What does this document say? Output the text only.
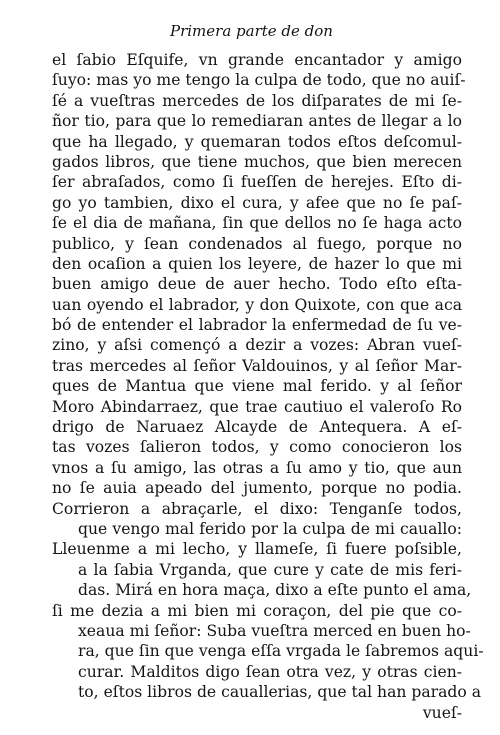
Primera parte de don
el ſabio Eſquife, vn grande encantador y amigo
ſuyo: mas yo me tengo la culpa de todo, que no auiſ-
ſé a vueſtras mercedes de los diſparates de mi ſe-
ñor tio, para que lo remediaran antes de llegar a lo
que ha llegado, y quemaran todos eſtos deſcomul-
gados libros, que tiene muchos, que bien merecen
ſer abraſados, como ſi fueſſen de herejes. Eſto di-
go yo tambien, dixo el cura, y afee que no ſe paſ-
ſe el dia de mañana, ſin que dellos no ſe haga acto
publico, y ſean condenados al fuego, porque no
den ocaſion a quien los leyere, de hazer lo que mi
buen amigo deue de auer hecho. Todo eſto eſta-
uan oyendo el labrador, y don Quixote, con que aca
bó de entender el labrador la enfermedad de ſu ve-
zino, y aſsi començó a dezir a vozes: Abran vueſ-
tras mercedes al ſeñor Valdouinos, y al ſeñor Mar-
ques de Mantua que viene mal ferido. y al ſeñor
Moro Abindarraez, que trae cautiuo el valeroſo Ro
drigo de Naruaez Alcayde de Antequera. A eſ-
tas vozes ſalieron todos, y como conocieron los
vnos a ſu amigo, las otras a ſu amo y tio, que aun
no ſe auia apeado del jumento, porque no podia.
Corrieron a abraçarle, el dixo: Tenganſe todos,
que vengo mal ferido por la culpa de mi cauallo:
Lleuenme a mi lecho, y llameſe, ſi fuere poſsible,
a la ſabia Vrganda, que cure y cate de mis feri-
das. Mirá en hora maça, dixo a eſte punto el ama,
ſi me dezia a mi bien mi coraçon, del pie que co-
xeaua mi ſeñor: Suba vueſtra merced en buen ho-
ra, que ſin que venga eſſa vrgada le ſabremos aqui-
curar. Malditos digo ſean otra vez, y otras cien-
to, eſtos libros de cauallerias, que tal han parado a
vueſ-
